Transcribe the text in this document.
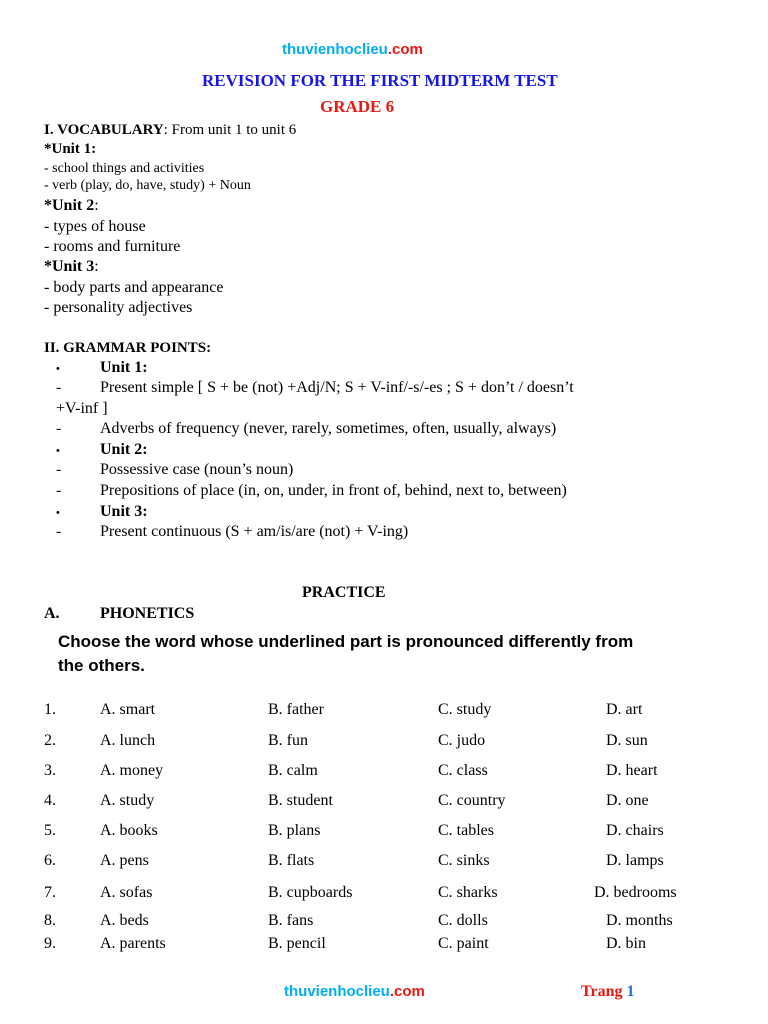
thuvienhoclieu.com
REVISION FOR THE FIRST MIDTERM TEST
GRADE 6
I. VOCABULARY: From unit 1 to unit 6
*Unit 1:
- school things and activities
- verb (play, do, have, study) + Noun
*Unit 2:
- types of house
- rooms and furniture
*Unit 3:
- body parts and appearance
- personality adjectives
II. GRAMMAR POINTS:
•	Unit 1:
- Present simple [ S + be (not) +Adj/N; S + V-inf/-s/-es ; S + don’t / doesn’t
+V-inf ]
- Adverbs of frequency (never, rarely, sometimes, often, usually, always)
•	Unit 2:
- Possessive case (noun’s noun)
- Prepositions of place (in, on, under, in front of, behind, next to, between)
•	Unit 3:
- Present continuous (S + am/is/are (not) + V-ing)
PRACTICE
A.	PHONETICS
Choose the word whose underlined part is pronounced differently from
the others.
1.	A. smart	B. father	C. study	D. art
2.	A. lunch	B. fun	C. judo	D. sun
3.	A. money	B. calm	C. class	D. heart
4.	A. study	B. student	C. country	D. one
5.	A. books	B. plans	C. tables	D. chairs
6.	A. pens	B. flats	C. sinks	D. lamps
7.	A. sofas	B. cupboards	C. sharks	D. bedrooms
8.	A. beds	B. fans	C. dolls	D. months
9.	A. parents	B. pencil	C. paint	D. bin
thuvienhoclieu.com	Trang 1
